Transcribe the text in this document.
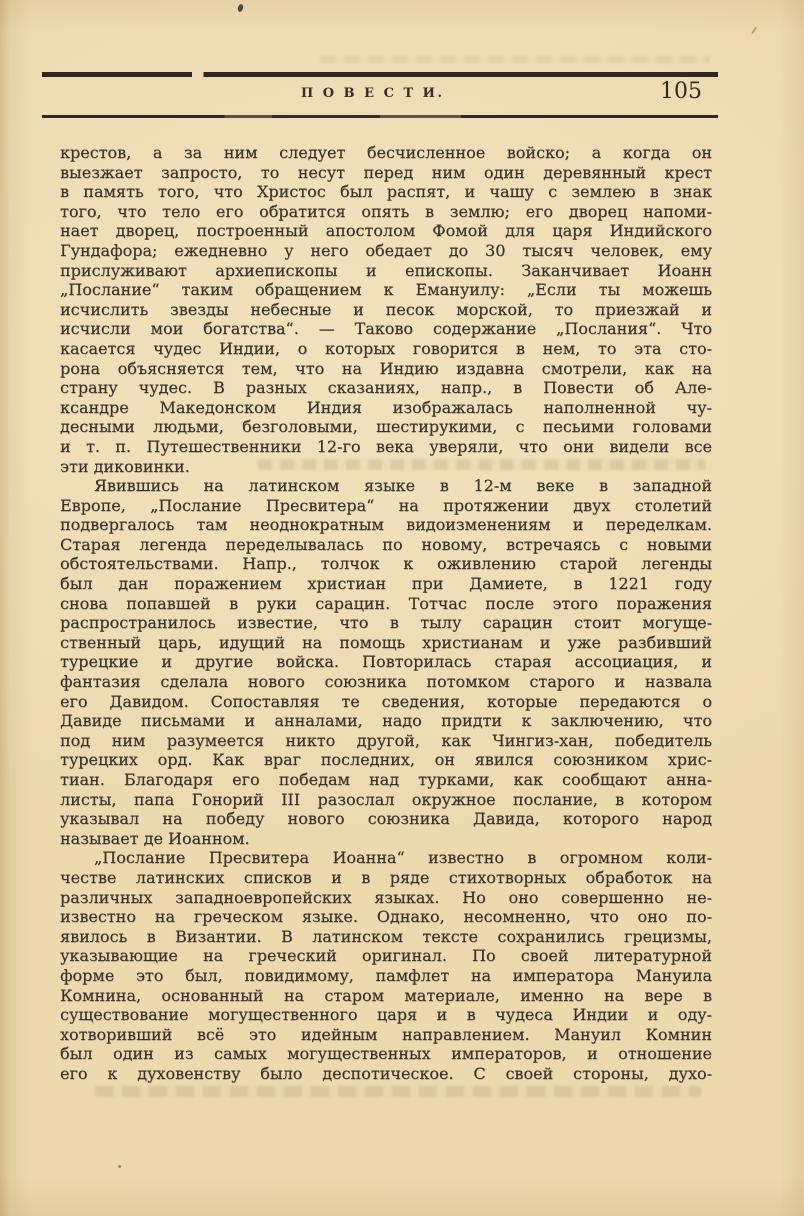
П О В Е С Т И.	105
крестов, а за ним следует бесчисленное войско; а когда он
выезжает запросто, то несут перед ним один деревянный крест
в память того, что Христос был распят, и чашу с землею в знак
того, что тело его обратится опять в землю; его дворец напоми-
нает дворец, построенный апостолом Фомой для царя Индийского
Гундафора; ежедневно у него обедает до 30 тысяч человек, ему
прислуживают архиепископы и епископы. Заканчивает Иоанн
„Послание“ таким обращением к Емануилу: „Если ты можешь
исчислить звезды небесные и песок морской, то приезжай и
исчисли мои богатства“. — Таково содержание „Послания“. Что
касается чудес Индии, о которых говорится в нем, то эта сто-
рона объясняется тем, что на Индию издавна смотрели, как на
страну чудес. В разных сказаниях, напр., в Повести об Але-
ксандре Македонском Индия изображалась наполненной чу-
десными людьми, безголовыми, шестирукими, с песьими головами
и т. п. Путешественники 12-го века уверяли, что они видели все
эти диковинки.
Явившись на латинском языке в 12-м веке в западной
Европе, „Послание Пресвитера“ на протяжении двух столетий
подвергалось там неоднократным видоизменениям и переделкам.
Старая легенда переделывалась по новому, встречаясь с новыми
обстоятельствами. Напр., толчок к оживлению старой легенды
был дан поражением христиан при Дамиете, в 1221 году
снова попавшей в руки сарацин. Тотчас после этого поражения
распространилось известие, что в тылу сарацин стоит могуще-
ственный царь, идущий на помощь христианам и уже разбивший
турецкие и другие войска. Повторилась старая ассоциация, и
фантазия сделала нового союзника потомком старого и назвала
его Давидом. Сопоставляя те сведения, которые передаются о
Давиде письмами и анналами, надо придти к заключению, что
под ним разумеется никто другой, как Чингиз-хан, победитель
турецких орд. Как враг последних, он явился союзником хрис-
тиан. Благодаря его победам над турками, как сообщают анна-
листы, папа Гонорий III разослал окружное послание, в котором
указывал на победу нового союзника Давида, которого народ
называет де Иоанном.
„Послание Пресвитера Иоанна“ известно в огромном коли-
честве латинских списков и в ряде стихотворных обработок на
различных западноевропейских языках. Но оно совершенно не-
известно на греческом языке. Однако, несомненно, что оно по-
явилось в Византии. В латинском тексте сохранились грецизмы,
указывающие на греческий оригинал. По своей литературной
форме это был, повидимому, памфлет на императора Мануила
Комнина, основанный на старом материале, именно на вере в
существование могущественного царя и в чудеса Индии и оду-
хотворивший всё это идейным направлением. Мануил Комнин
был один из самых могущественных императоров, и отношение
его к духовенству было деспотическое. С своей стороны, духо-
